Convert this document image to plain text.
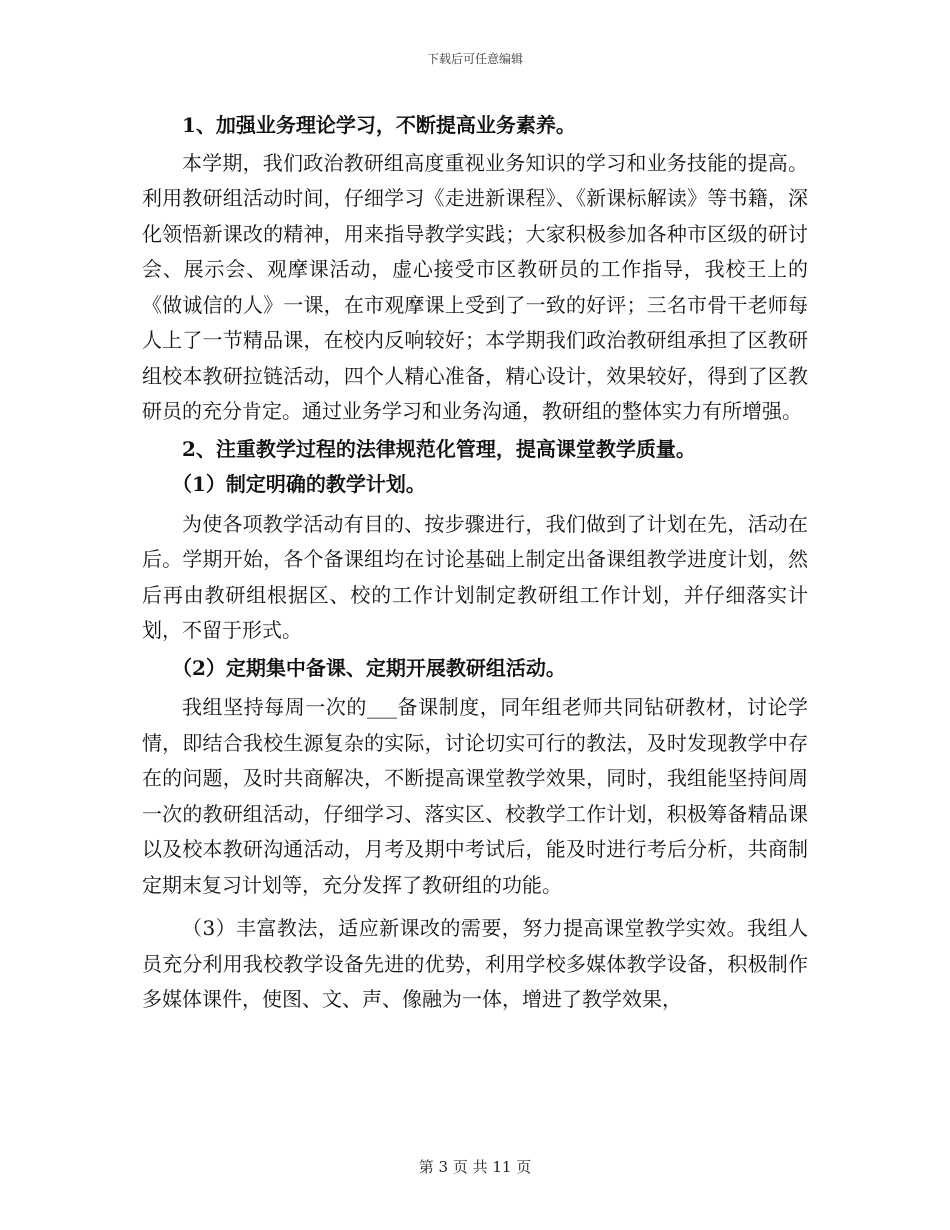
下载后可任意编辑

1、加强业务理论学习，不断提高业务素养。

本学期，我们政治教研组高度重视业务知识的学习和业务技能的提高。利用教研组活动时间，仔细学习《走进新课程》、《新课标解读》等书籍，深化领悟新课改的精神，用来指导教学实践；大家积极参加各种市区级的研讨会、展示会、观摩课活动，虚心接受市区教研员的工作指导，我校王上的《做诚信的人》一课，在市观摩课上受到了一致的好评；三名市骨干老师每人上了一节精品课，在校内反响较好；本学期我们政治教研组承担了区教研组校本教研拉链活动，四个人精心准备，精心设计，效果较好，得到了区教研员的充分肯定。通过业务学习和业务沟通，教研组的整体实力有所增强。

2、注重教学过程的法律规范化管理，提高课堂教学质量。

（1）制定明确的教学计划。

为使各项教学活动有目的、按步骤进行，我们做到了计划在先，活动在后。学期开始，各个备课组均在讨论基础上制定出备课组教学进度计划，然后再由教研组根据区、校的工作计划制定教研组工作计划，并仔细落实计划，不留于形式。

（2）定期集中备课、定期开展教研组活动。

我组坚持每周一次的___备课制度，同年组老师共同钻研教材，讨论学情，即结合我校生源复杂的实际，讨论切实可行的教法，及时发现教学中存在的问题，及时共商解决，不断提高课堂教学效果，同时，我组能坚持间周一次的教研组活动，仔细学习、落实区、校教学工作计划，积极筹备精品课以及校本教研沟通活动，月考及期中考试后，能及时进行考后分析，共商制定期末复习计划等，充分发挥了教研组的功能。

（3）丰富教法，适应新课改的需要，努力提高课堂教学实效。我组人员充分利用我校教学设备先进的优势，利用学校多媒体教学设备，积极制作多媒体课件，使图、文、声、像融为一体，增进了教学效果，

第 3 页 共 11 页
